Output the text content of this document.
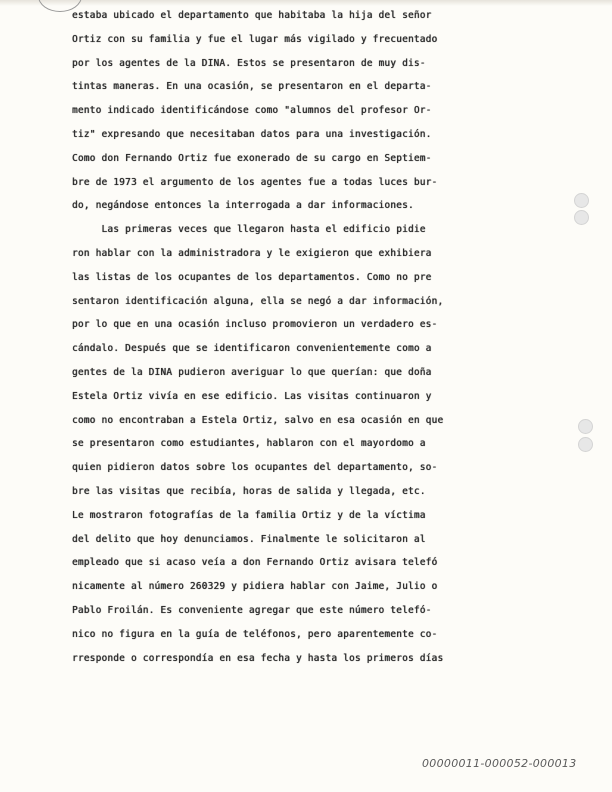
estaba ubicado el departamento que habitaba la hija del señor
Ortiz con su familia y fue el lugar más vigilado y frecuentado
por los agentes de la DINA. Estos se presentaron de muy dis-
tintas maneras. En una ocasión, se presentaron en el departa-
mento indicado identificándose como "alumnos del profesor Or-
tiz" expresando que necesitaban datos para una investigación.
Como don Fernando Ortiz fue exonerado de su cargo en Septiem-
bre de 1973 el argumento de los agentes fue a todas luces bur-
do, negándose entonces la interrogada a dar informaciones.
Las primeras veces que llegaron hasta el edificio pidie
ron hablar con la administradora y le exigieron que exhibiera
las listas de los ocupantes de los departamentos. Como no pre
sentaron identificación alguna, ella se negó a dar información,
por lo que en una ocasión incluso promovieron un verdadero es-
cándalo. Después que se identificaron convenientemente como a
gentes de la DINA pudieron averiguar lo que querían: que doña
Estela Ortiz vivía en ese edificio. Las visitas continuaron y
como no encontraban a Estela Ortiz, salvo en esa ocasión en que
se presentaron como estudiantes, hablaron con el mayordomo a
quien pidieron datos sobre los ocupantes del departamento, so-
bre las visitas que recibía, horas de salida y llegada, etc.
Le mostraron fotografías de la familia Ortiz y de la víctima
del delito que hoy denunciamos. Finalmente le solicitaron al
empleado que si acaso veía a don Fernando Ortiz avisara telefó
nicamente al número 260329 y pidiera hablar con Jaime, Julio o
Pablo Froilán. Es conveniente agregar que este número telefó-
nico no figura en la guía de teléfonos, pero aparentemente co-
rresponde o correspondía en esa fecha y hasta los primeros días
00000011-000052-000013
